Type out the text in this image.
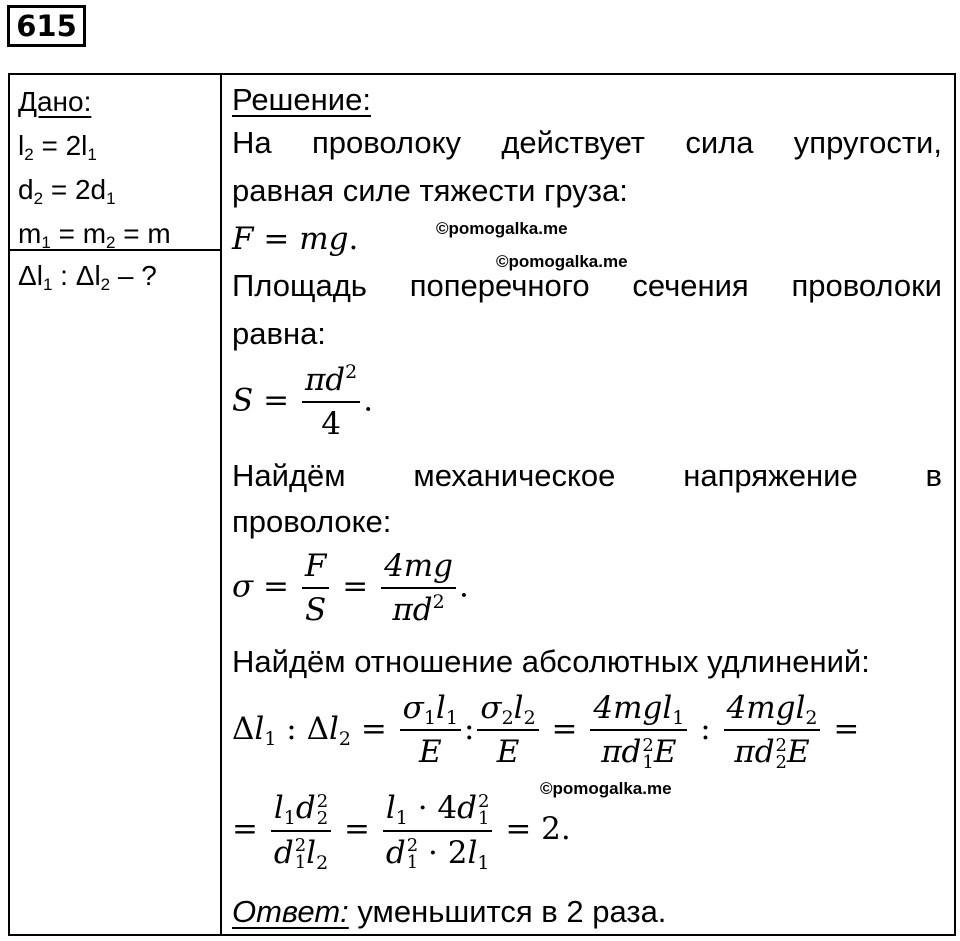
615
Дано:
$l_2 = 2l_1$
$d_2 = 2d_1$
$m_1 = m_2 = m$
$\Delta l_1$ : $\Delta l_2$ – ?
Решение:
На проволоку действует сила упругости,
равная силе тяжести груза:
F = mg.
Площадь поперечного сечения проволоки
равна:
$S = \frac{\pi d^2}{4}$ .
Найдём механическое напряжение в
проволоке:
$\sigma = \frac{F}{S} = \frac{4mg}{\pi d^2}$ .
Найдём отношение абсолютных удлинений:
$\Delta l_1$ : $\Delta l_2 = \frac{\sigma_1l_1}{E}$ : $\frac{\sigma_2l_2}{E} = 4mgl_1$
πd 2
1 E : 4mgl$_2$
πd 2
2 E =
= $l_1d$ 2
2
d 2
1 $l_2 = l_1 \cdot 4d$ 2
1
d 2
$1 \cdot 2l_1 = 2$.
Ответ: уменьшится в 2 раза.
©pomogalka.me
©pomogalka.me
©pomogalka.me
